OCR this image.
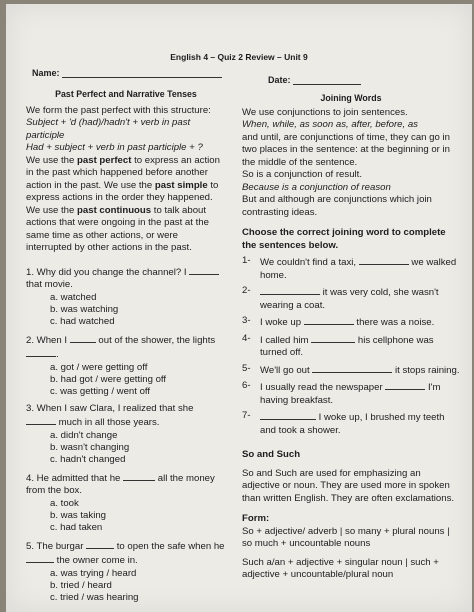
English 4 – Quiz 2 Review – Unit 9
Name:
Date:
Past Perfect and Narrative Tenses

We form the past perfect with this structure:

Subject + 'd (had)/hadn't + verb in past participle

Had + subject + verb in past participle + ?

We use the past perfect to express an action in the past which happened before another action in the past. We use the past simple to express actions in the order they happened. We use the past continuous to talk about actions that were ongoing in the past at the same time as other actions, or were interrupted by other actions in the past.

1. Why did you change the channel? I  that movie.

a. watched

b. was watching

c. had watched

2. When I	out of the shower, the lights .

a. got / were getting off

b. had got / were getting off

c. was getting / went off

3. When I saw Clara, I realized that she  much in all those years.

a. didn't change

b. wasn't changing

c. hadn't changed

4. He admitted that he	all the money from the box.

a. took

b. was taking

c. had taken

5. The burgar	to open the safe when he  the owner come in.

a. was trying / heard

b. tried / heard

c. tried / was hearing

Joining Words

We use conjunctions to join sentences.

When, while, as soon as, after, before, as

and until, are conjunctions of time, they can go in two places in the sentence: at the beginning or in the middle of the sentence.

So is a conjunction of result.

Because is a conjunction of reason

But and although are conjunctions which join contrasting ideas.

Choose the correct joining word to complete the sentences below.

1- We couldn't find a taxi,	we walked home.
2-	it was very cold, she wasn't wearing a coat.
3- I woke up	there was a noise.
4- I called him	his cellphone was turned off.
5- We'll go out	it stops raining.
6- I usually read the newspaper	I'm having breakfast.
7-	I woke up, I brushed my teeth and took a shower.

So and Such

So and Such are used for emphasizing an adjective or noun. They are used more in spoken than written English. They are often exclamations.

Form:

So + adjective/ adverb | so many + plural nouns | so much + uncountable nouns

Such a/an + adjective + singular noun | such + adjective + uncountable/plural noun
